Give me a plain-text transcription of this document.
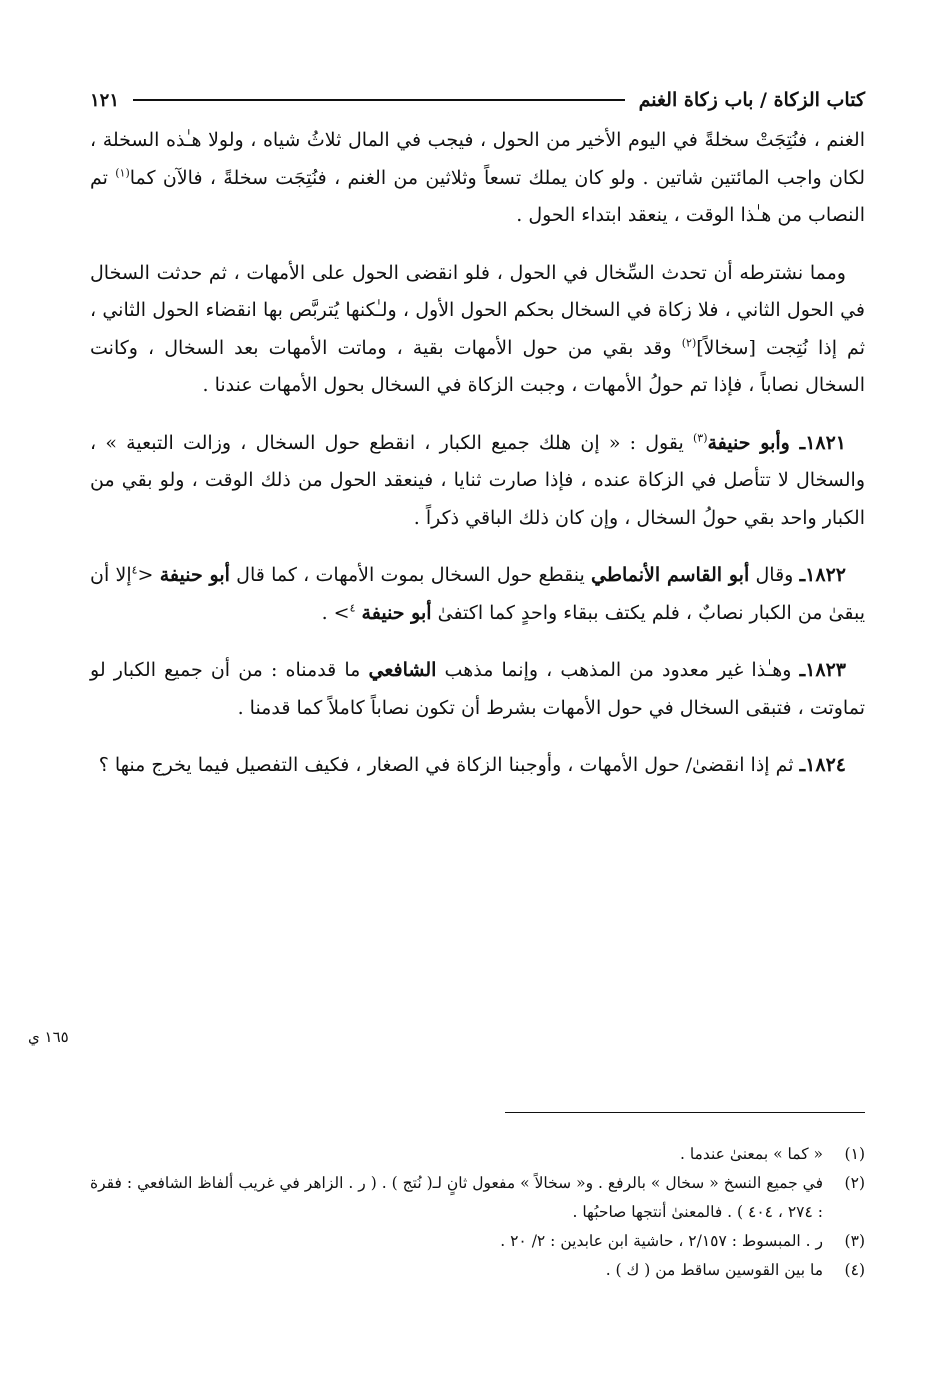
كتاب الزكاة / باب زكاة الغنم
١٢١

الغنم ، فنُتِجَتْ سخلةً في اليوم الأخير من الحول ، فيجب في المال ثلاثُ شياه ، ولولا هـٰذه السخلة ، لكان واجب المائتين شاتين . ولو كان يملك تسعاً وثلاثين من الغنم ، فنُتِجَت سخلةً ، فالآن كما$^{(١)}$ تم النصاب من هـٰذا الوقت ، ينعقد ابتداء الحول .

 ومما نشترطه أن تحدث السِّخال في الحول ، فلو انقضى الحول على الأمهات ، ثم حدثت السخال في الحول الثاني ، فلا زكاة في السخال بحكم الحول الأول ، ولـٰكنها يُتربَّص بها انقضاء الحول الثاني ، ثم إذا نُتِجت [سخالاً]$^{(٢)}$ وقد بقي من حول الأمهات بقية ، وماتت الأمهات بعد السخال ، وكانت السخال نصاباً ، فإذا تم حولُ الأمهات ، وجبت الزكاة في السخال بحول الأمهات عندنا .

 ١٨٢١ـ وأبو حنيفة$^{(٣)}$ يقول : « إن هلك جميع الكبار ، انقطع حول السخال ، وزالت التبعية » ، والسخال لا تتأصل في الزكاة عنده ، فإذا صارت ثنايا ، فينعقد الحول من ذلك الوقت ، ولو بقي من الكبار واحد بقي حولُ السخال ، وإن كان ذلك الباقي ذكراً .

 ١٨٢٢ـ وقال أبو القاسم الأنماطي ينقطع حول السخال بموت الأمهات ، كما قال أبو حنيفة <$^٤$إلا أن يبقىٰ من الكبار نصابٌ ، فلم يكتف ببقاء واحدٍ كما اكتفىٰ أبو حنيفة $^٤$> .

 ١٨٢٣ـ وهـٰذا غير معدود من المذهب ، وإنما مذهب الشافعي ما قدمناه : من أن جميع الكبار لو تماوتت ، فتبقى السخال في حول الأمهات بشرط أن تكون نصاباً كاملاً كما قدمنا .

 ١٨٢٤ـ ثم إذا انقضىٰ/ حول الأمهات ، وأوجبنا الزكاة في الصغار ، فكيف التفصيل فيما يخرج منها ؟

١٦٥ ي
(١)
« كما » بمعنىٰ عندما .
(٢)
في جميع النسخ « سخال » بالرفع . و« سخالاً » مفعول ثانٍ لـ( نُتج ) . ( ر . الزاهر في غريب ألفاظ الشافعي : فقرة : ٢٧٤ ، ٤٠٤ ) . فالمعنىٰ أنتجها صاحبُها .
(٣)
ر . المبسوط : ٢/١٥٧ ، حاشية ابن عابدين : ٢/ ٢٠ .
(٤)
ما بين القوسين ساقط من ( ك ) .
